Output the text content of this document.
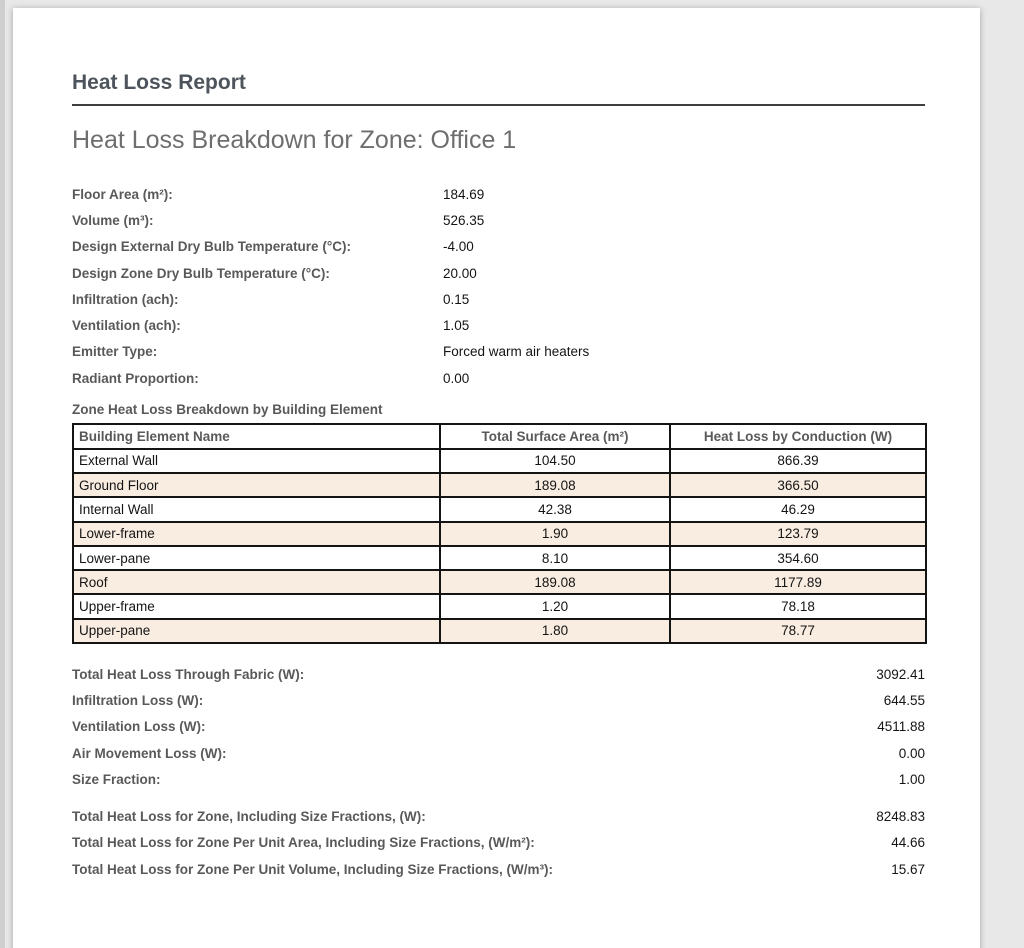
Heat Loss Report
Heat Loss Breakdown for Zone: Office 1
Floor Area (m²):	184.69
Volume (m³):	526.35
Design External Dry Bulb Temperature (°C):	-4.00
Design Zone Dry Bulb Temperature (°C):	20.00
Infiltration (ach):	0.15
Ventilation (ach):	1.05
Emitter Type:	Forced warm air heaters
Radiant Proportion:	0.00
Zone Heat Loss Breakdown by Building Element
Building Element Name	Total Surface Area (m²)	Heat Loss by Conduction (W)
External Wall	104.50	866.39
Ground Floor	189.08	366.50
Internal Wall	42.38	46.29
Lower-frame	1.90	123.79
Lower-pane	8.10	354.60
Roof	189.08	1177.89
Upper-frame	1.20	78.18
Upper-pane	1.80	78.77
Total Heat Loss Through Fabric (W):	3092.41
Infiltration Loss (W):	644.55
Ventilation Loss (W):	4511.88
Air Movement Loss (W):	0.00
Size Fraction:	1.00
Total Heat Loss for Zone, Including Size Fractions, (W):	8248.83
Total Heat Loss for Zone Per Unit Area, Including Size Fractions, (W/m²):	44.66
Total Heat Loss for Zone Per Unit Volume, Including Size Fractions, (W/m³):	15.67
